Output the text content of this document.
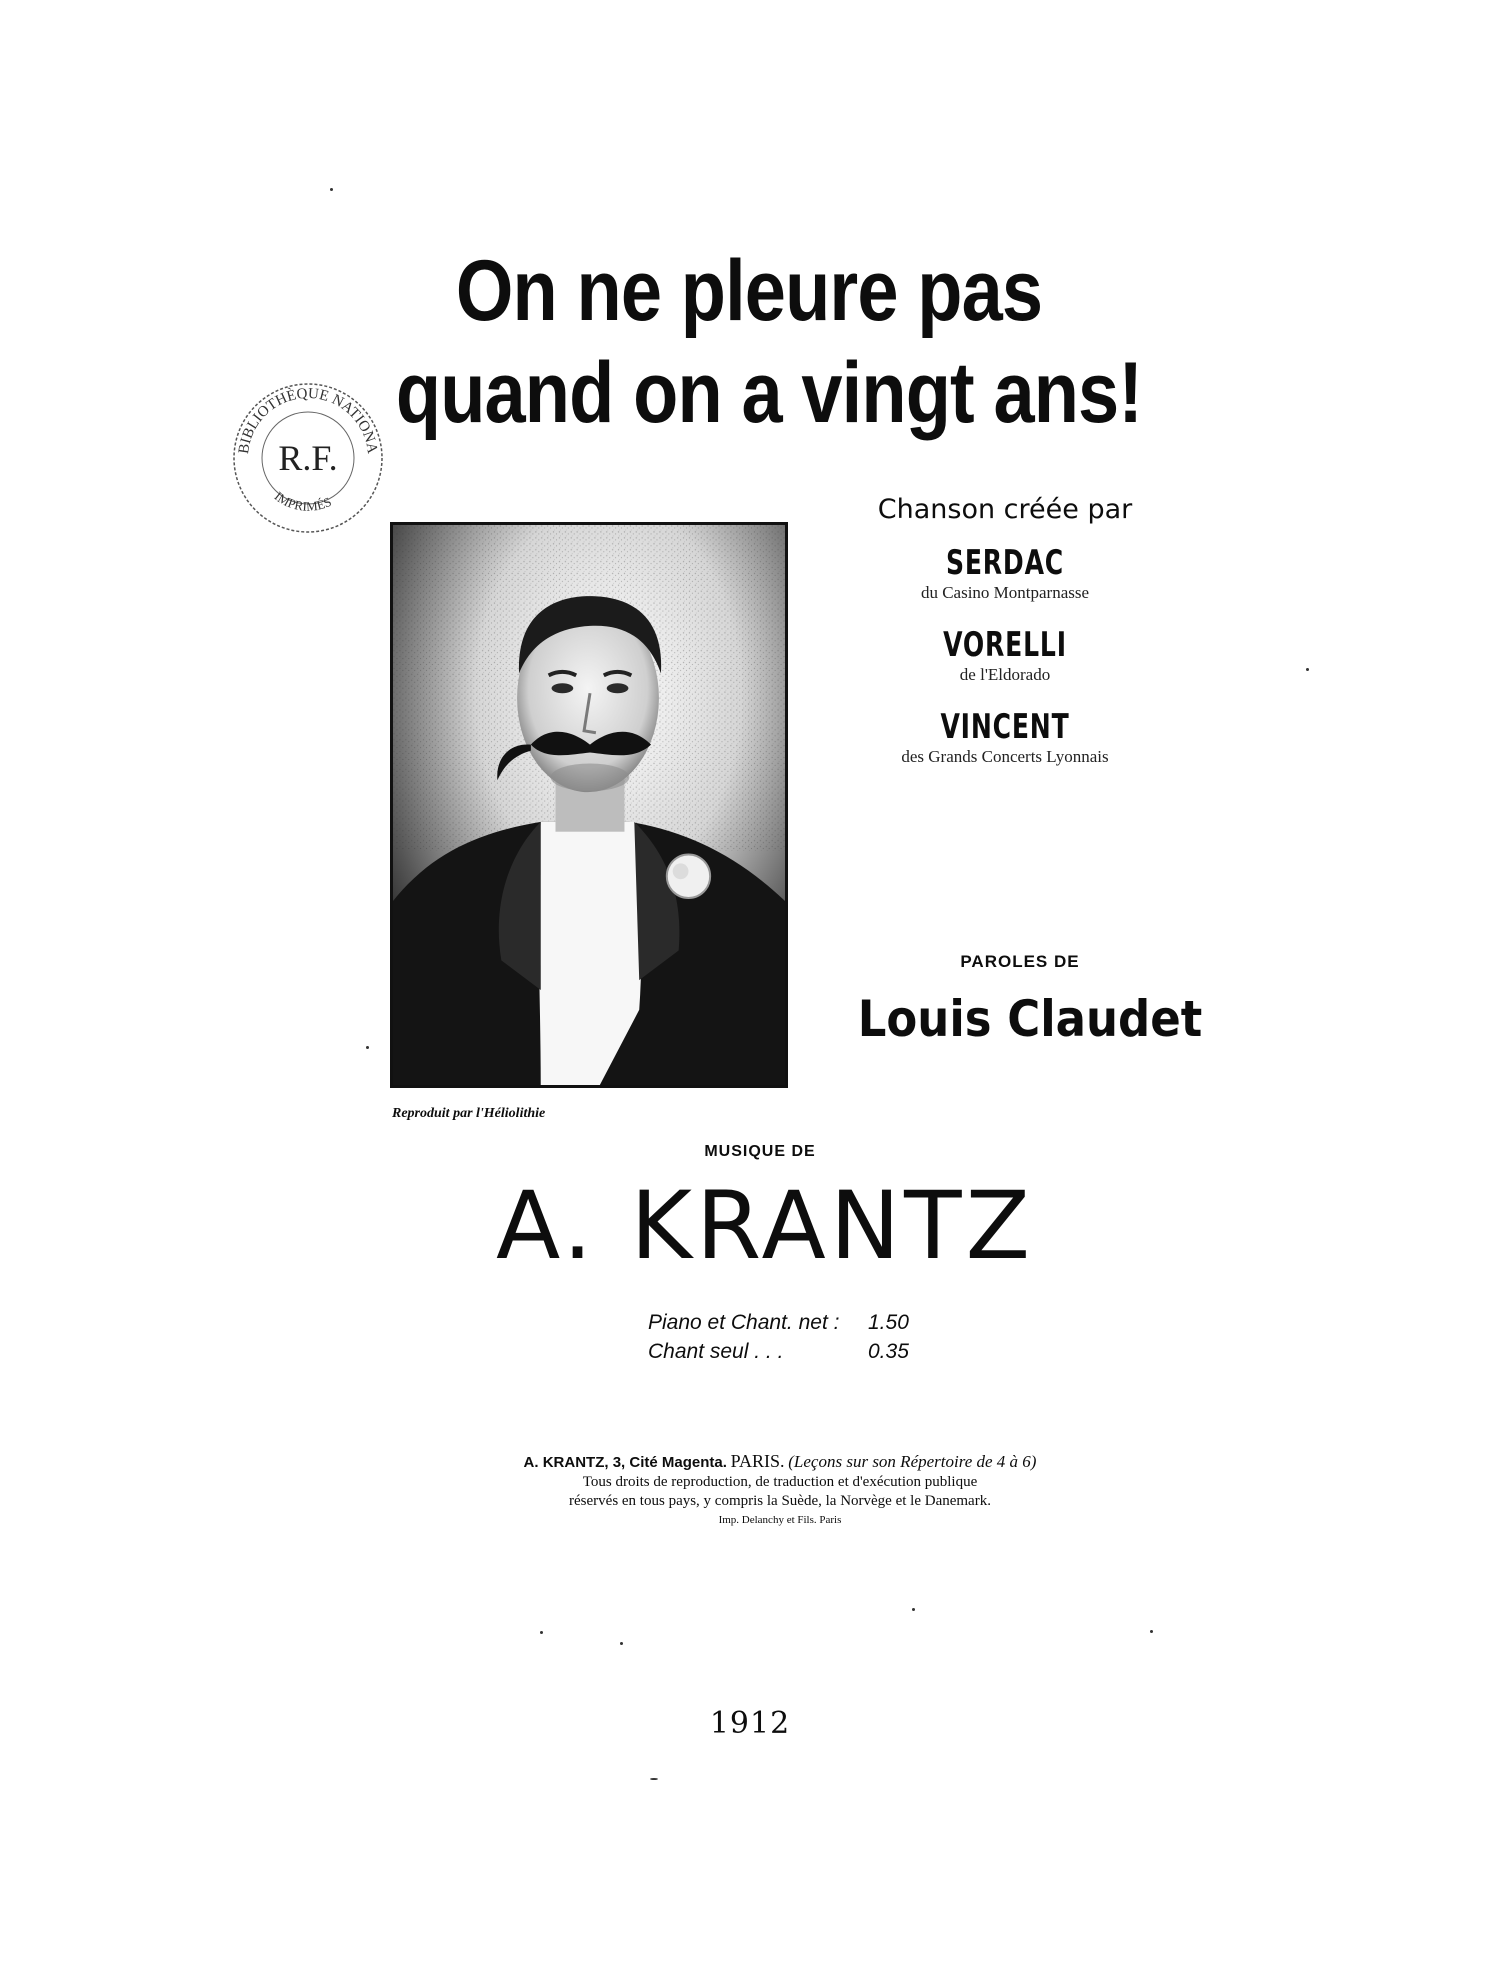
On ne pleure pas
quand on a vingt ans!
BIBLIOTHÈQUE NATIONA
R.F.
IMPRIMÉS
Reproduit par l'Héliolithie
Chanson créée par
SERDAC
du Casino Montparnasse
VORELLI
de l'Eldorado
VINCENT
des Grands Concerts Lyonnais
PAROLES DE
Louis Claudet
MUSIQUE DE
A. KRANTZ
Piano et Chant. net :	1.50
Chant seul . . .	0.35
A. KRANTZ, 3, Cité Magenta. PARIS. (Leçons sur son Répertoire de 4 à 6)
Tous droits de reproduction, de traduction et d'exécution publique
réservés en tous pays, y compris la Suède, la Norvège et le Danemark.
Imp. Delanchy et Fils. Paris
1912
